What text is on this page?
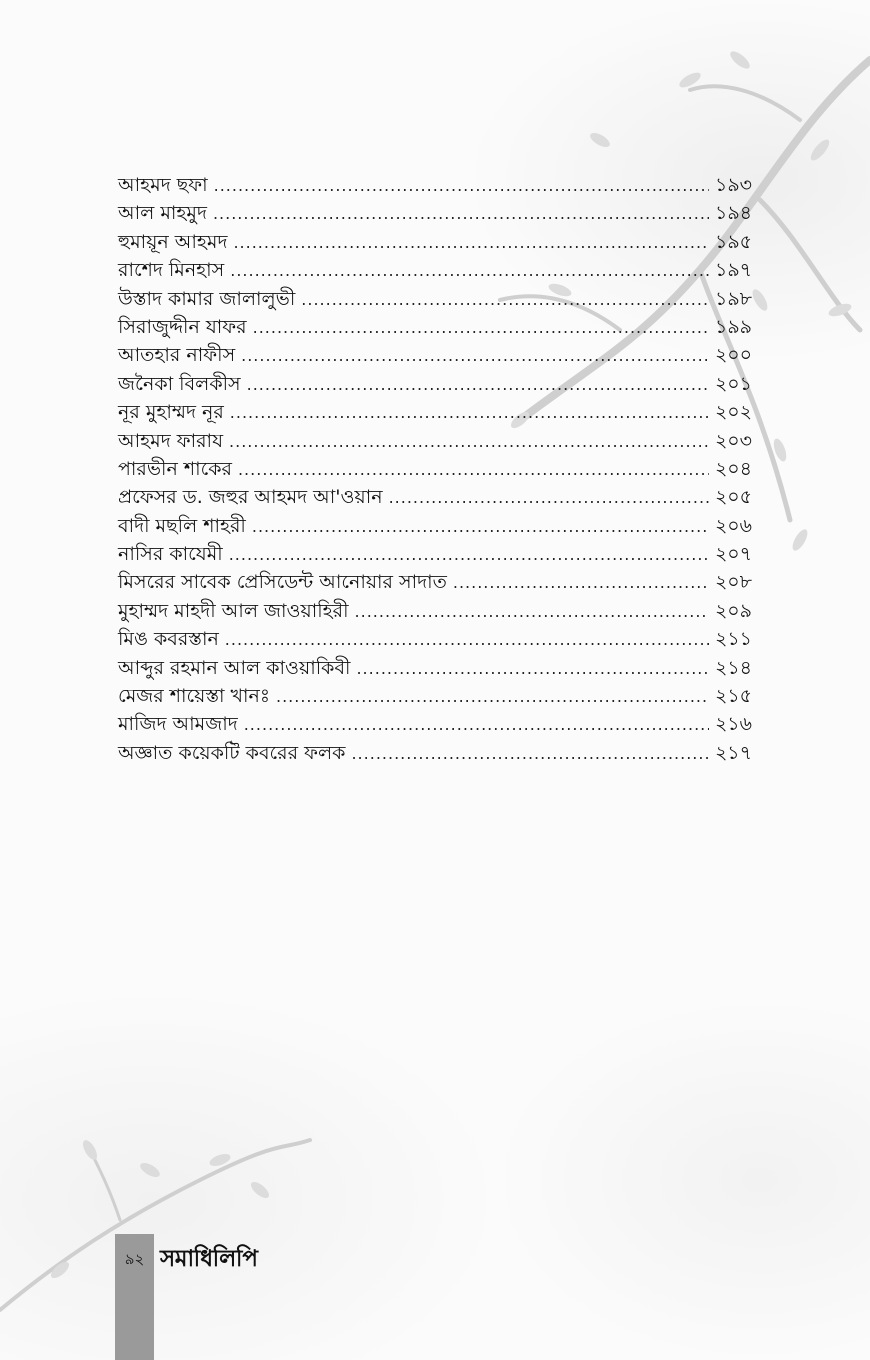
আহমদ ছফা .....	১৯৩
আল মাহমুদ .....	১৯৪
হুমায়ূন আহমদ .....	১৯৫
রাশেদ মিনহাস .....	১৯৭
উস্তাদ কামার জালালুভী .....	১৯৮
সিরাজুদ্দীন যাফর .....	১৯৯
আতহার নাফীস .....	২০০
জনৈকা বিলকীস .....	২০১
নূর মুহাম্মদ নূর .....	২০২
আহমদ ফারায .....	২০৩
পারভীন শাকের .....	২০৪
প্রফেসর ড. জহুর আহমদ আ'ওয়ান .....	২০৫
বাদী মছলি শাহরী .....	২০৬
নাসির কাযেমী .....	২০৭
মিসরের সাবেক প্রেসিডেন্ট আনোয়ার সাদাত .....	২০৮
মুহাম্মদ মাহদী আল জাওয়াহিরী .....	২০৯
মিঙ কবরস্তান .....	২১১
আব্দুর রহমান আল কাওয়াকিবী .....	২১৪
মেজর শায়েস্তা খানঃ .....	২১৫
মাজিদ আমজাদ .....	২১৬
অজ্ঞাত কয়েকটি কবরের ফলক .....	২১৭
৯২ সমাধিলিপি
